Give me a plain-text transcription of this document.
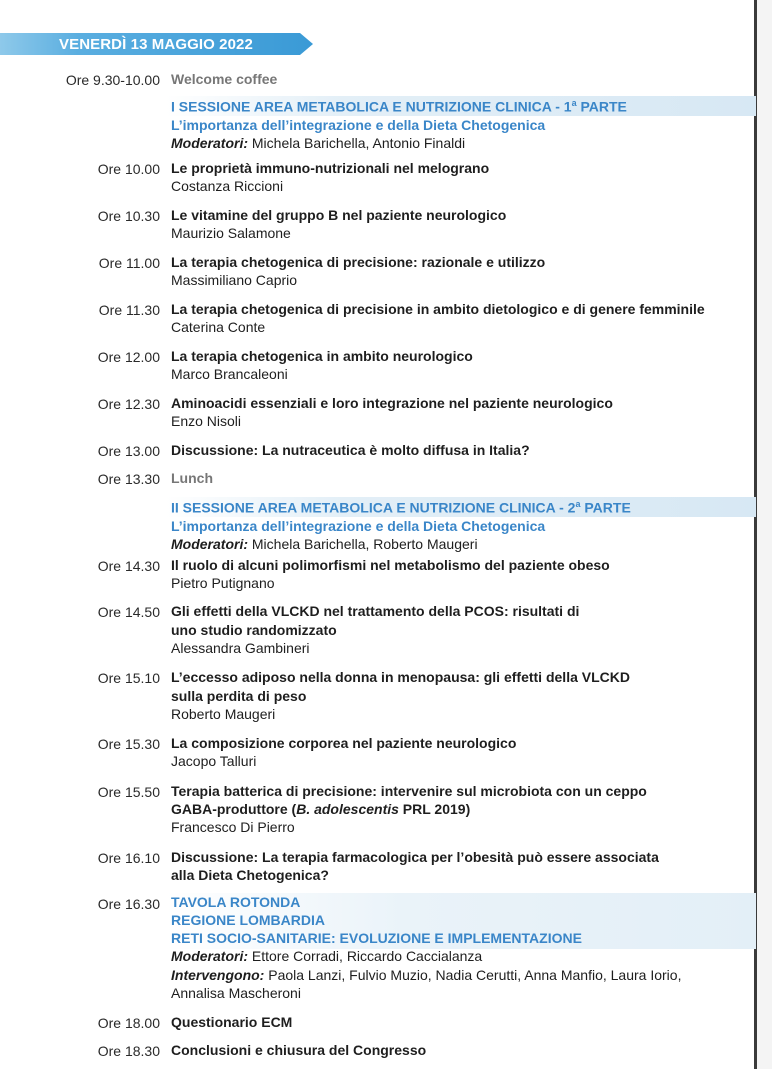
VENERDÌ 13 MAGGIO 2022
Ore 9.30-10.00 Welcome coffee
I SESSIONE AREA METABOLICA E NUTRIZIONE CLINICA - 1$^a$ PARTE
L’importanza dell’integrazione e della Dieta Chetogenica
Moderatori: Michela Barichella, Antonio Finaldi
Ore 10.00 Le proprietà immuno-nutrizionali nel melograno
Costanza Riccioni
Ore 10.30 Le vitamine del gruppo B nel paziente neurologico
Maurizio Salamone
Ore 11.00 La terapia chetogenica di precisione: razionale e utilizzo
Massimiliano Caprio
Ore 11.30 La terapia chetogenica di precisione in ambito dietologico e di genere femminile
Caterina Conte
Ore 12.00 La terapia chetogenica in ambito neurologico
Marco Brancaleoni
Ore 12.30 Aminoacidi essenziali e loro integrazione nel paziente neurologico
Enzo Nisoli
Ore 13.00 Discussione: La nutraceutica è molto diffusa in Italia?
Ore 13.30 Lunch
II SESSIONE AREA METABOLICA E NUTRIZIONE CLINICA - 2$^a$ PARTE
L’importanza dell’integrazione e della Dieta Chetogenica
Moderatori: Michela Barichella, Roberto Maugeri
Ore 14.30 Il ruolo di alcuni polimorfismi nel metabolismo del paziente obeso
Pietro Putignano
Ore 14.50 Gli effetti della VLCKD nel trattamento della PCOS: risultati di
uno studio randomizzato
Alessandra Gambineri
Ore 15.10 L’eccesso adiposo nella donna in menopausa: gli effetti della VLCKD
sulla perdita di peso
Roberto Maugeri
Ore 15.30 La composizione corporea nel paziente neurologico
Jacopo Talluri
Ore 15.50 Terapia batterica di precisione: intervenire sul microbiota con un ceppo
GABA-produttore (B. adolescentis PRL 2019)
Francesco Di Pierro
Ore 16.10 Discussione: La terapia farmacologica per l’obesità può essere associata
alla Dieta Chetogenica?
Ore 16.30 TAVOLA ROTONDA
REGIONE LOMBARDIA
RETI SOCIO-SANITARIE: EVOLUZIONE E IMPLEMENTAZIONE
Moderatori: Ettore Corradi, Riccardo Caccialanza
Intervengono: Paola Lanzi, Fulvio Muzio, Nadia Cerutti, Anna Manfio, Laura Iorio,
Annalisa Mascheroni
Ore 18.00 Questionario ECM
Ore 18.30 Conclusioni e chiusura del Congresso
